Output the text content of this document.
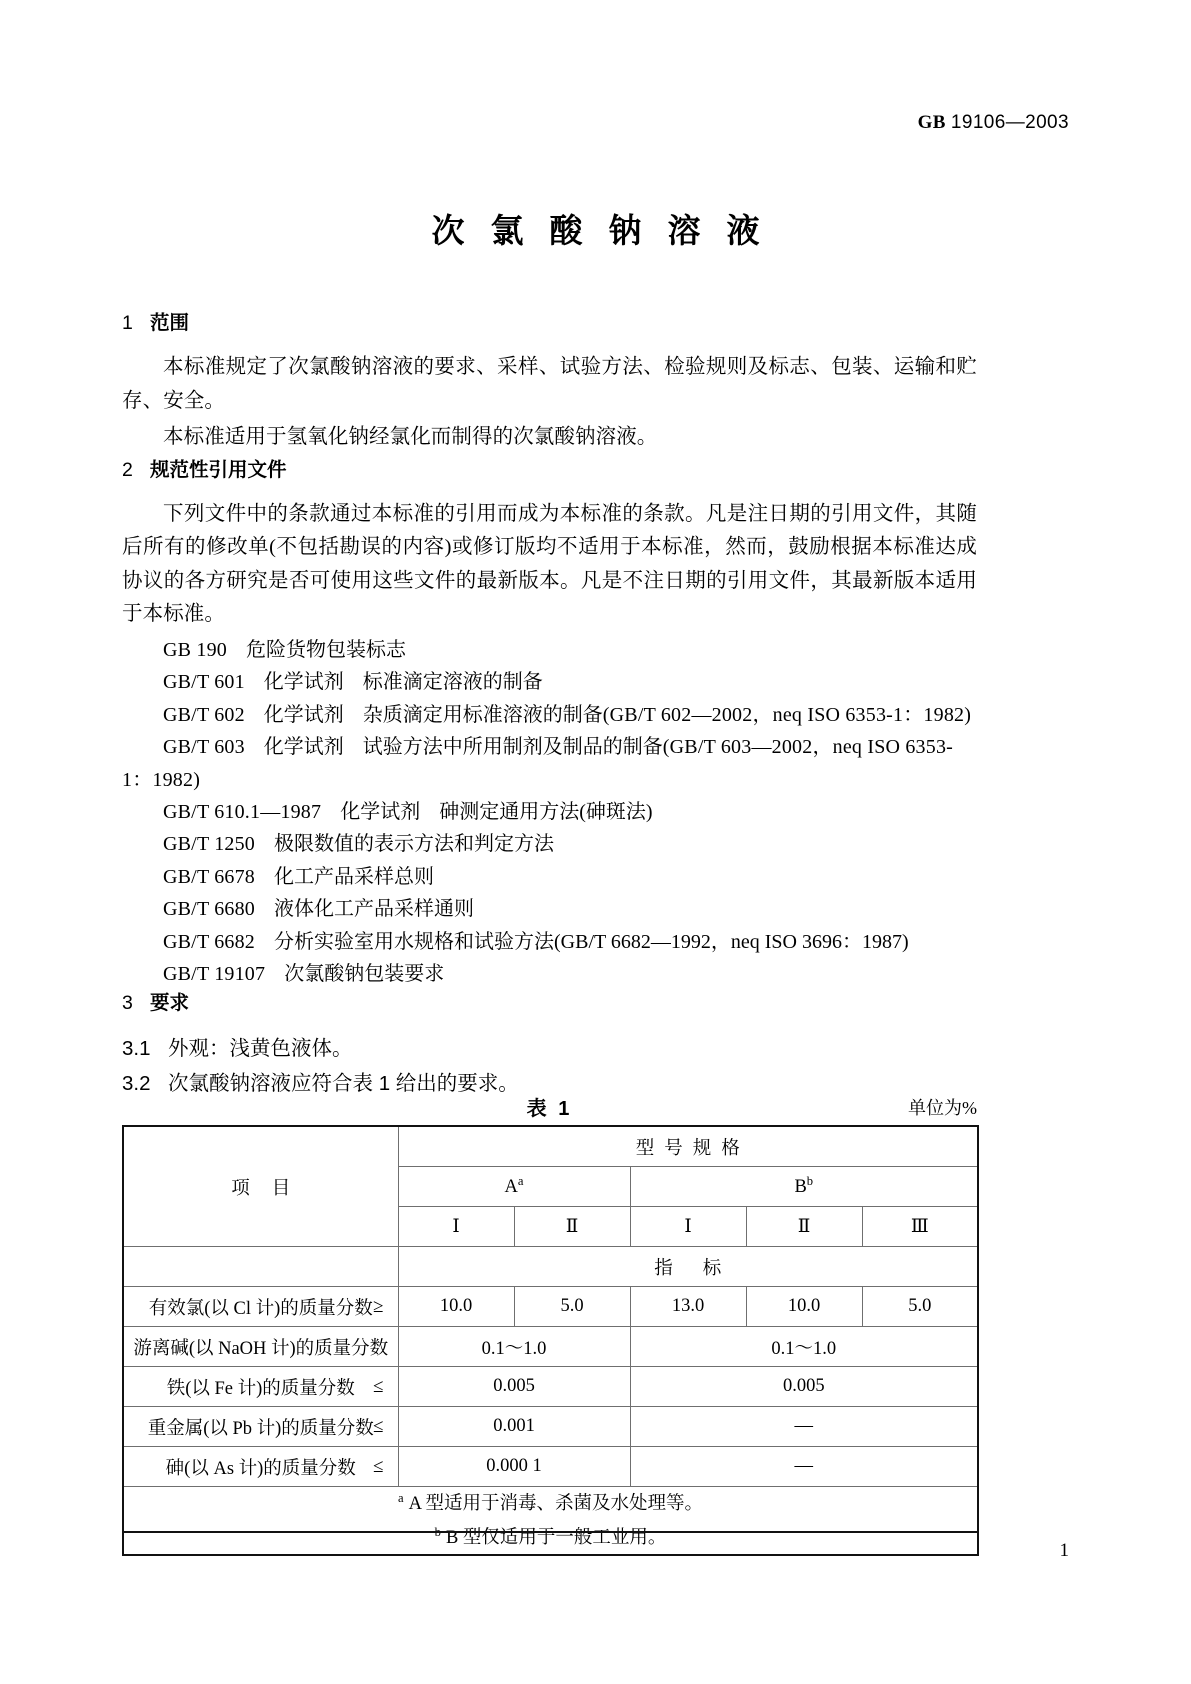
GB 19106—2003
次氯酸钠溶液
1 范围

本标准规定了次氯酸钠溶液的要求、采样、试验方法、检验规则及标志、包装、运输和贮存、安全。

本标准适用于氢氧化钠经氯化而制得的次氯酸钠溶液。

2 规范性引用文件

下列文件中的条款通过本标准的引用而成为本标准的条款。凡是注日期的引用文件，其随后所有的修改单(不包括勘误的内容)或修订版均不适用于本标准，然而，鼓励根据本标准达成协议的各方研究是否可使用这些文件的最新版本。凡是不注日期的引用文件，其最新版本适用于本标准。

GB 190 危险货物包装标志

GB/T 601 化学试剂 标准滴定溶液的制备

GB/T 602 化学试剂 杂质滴定用标准溶液的制备(GB/T 602—2002，neq ISO 6353-1：1982)

GB/T 603 化学试剂 试验方法中所用制剂及制品的制备(GB/T 603—2002，neq ISO 6353-1：1982)

GB/T 610.1—1987 化学试剂 砷测定通用方法(砷斑法)

GB/T 1250 极限数值的表示方法和判定方法

GB/T 6678 化工产品采样总则

GB/T 6680 液体化工产品采样通则

GB/T 6682 分析实验室用水规格和试验方法(GB/T 6682—1992，neq ISO 3696：1987)

GB/T 19107 次氯酸钠包装要求

3 要求

3.1 外观：浅黄色液体。

3.2 次氯酸钠溶液应符合表 1 给出的要求。

表 1	单位为%
项目	型号规格				
	$A^a$		$B^b$
	Ⅰ	Ⅱ	Ⅰ	Ⅱ	Ⅲ
	指标				
有效氯(以 Cl 计)的质量分数 ≥	10.0	5.0	13.0	10.0	5.0
游离碱(以 NaOH 计)的质量分数	0.1～1.0		0.1～1.0		
铁(以 Fe 计)的质量分数 ≤	0.005		0.005		
重金属(以 Pb 计)的质量分数 ≤	0.001		—		
砷(以 As 计)的质量分数 ≤	0.000 1		—		

$^a$ A 型适用于消毒、杀菌及水处理等。
$^b$ B 型仅适用于一般工业用。					
1
